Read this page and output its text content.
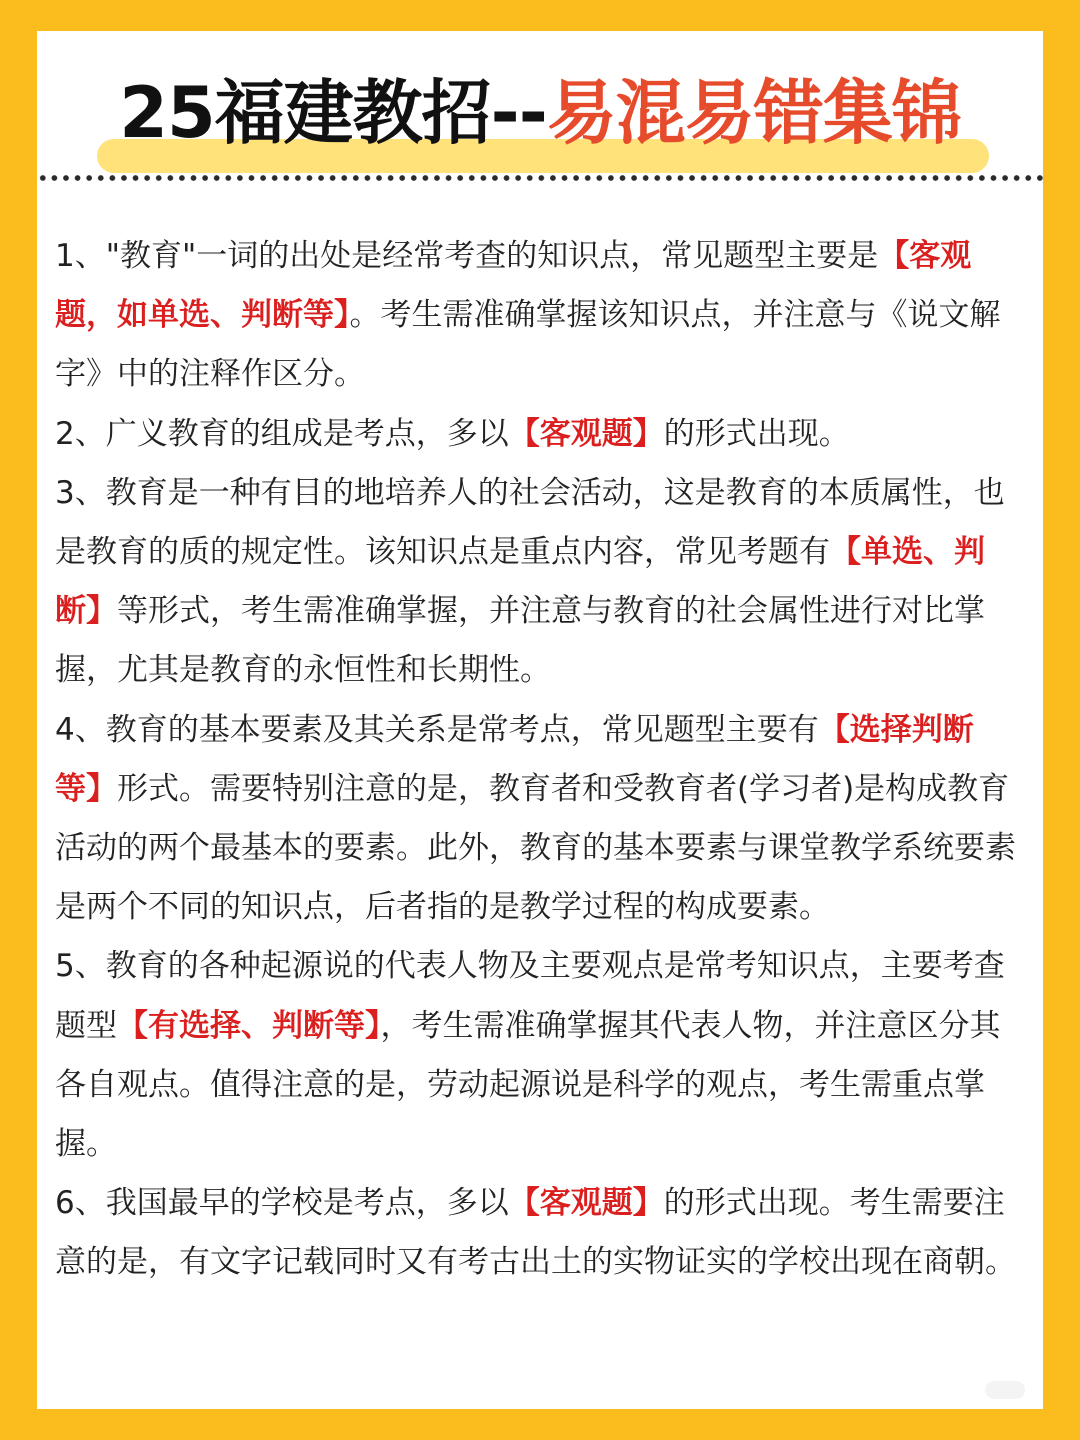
25福建教招--易混易错集锦

1、"教育"一词的出处是经常考查的知识点，常见题型主要是【客观题，如单选、判断等】。考生需准确掌握该知识点，并注意与《说文解字》中的注释作区分。

2、广义教育的组成是考点，多以【客观题】的形式出现。

3、教育是一种有目的地培养人的社会活动，这是教育的本质属性，也是教育的质的规定性。该知识点是重点内容，常见考题有【单选、判断】等形式，考生需准确掌握，并注意与教育的社会属性进行对比掌握，尤其是教育的永恒性和长期性。

4、教育的基本要素及其关系是常考点，常见题型主要有【选择判断等】形式。需要特别注意的是，教育者和受教育者(学习者)是构成教育活动的两个最基本的要素。此外，教育的基本要素与课堂教学系统要素是两个不同的知识点，后者指的是教学过程的构成要素。

5、教育的各种起源说的代表人物及主要观点是常考知识点，主要考查题型【有选择、判断等】，考生需准确掌握其代表人物，并注意区分其各自观点。值得注意的是，劳动起源说是科学的观点，考生需重点掌握。

6、我国最早的学校是考点，多以【客观题】的形式出现。考生需要注意的是，有文字记载同时又有考古出土的实物证实的学校出现在商朝。
